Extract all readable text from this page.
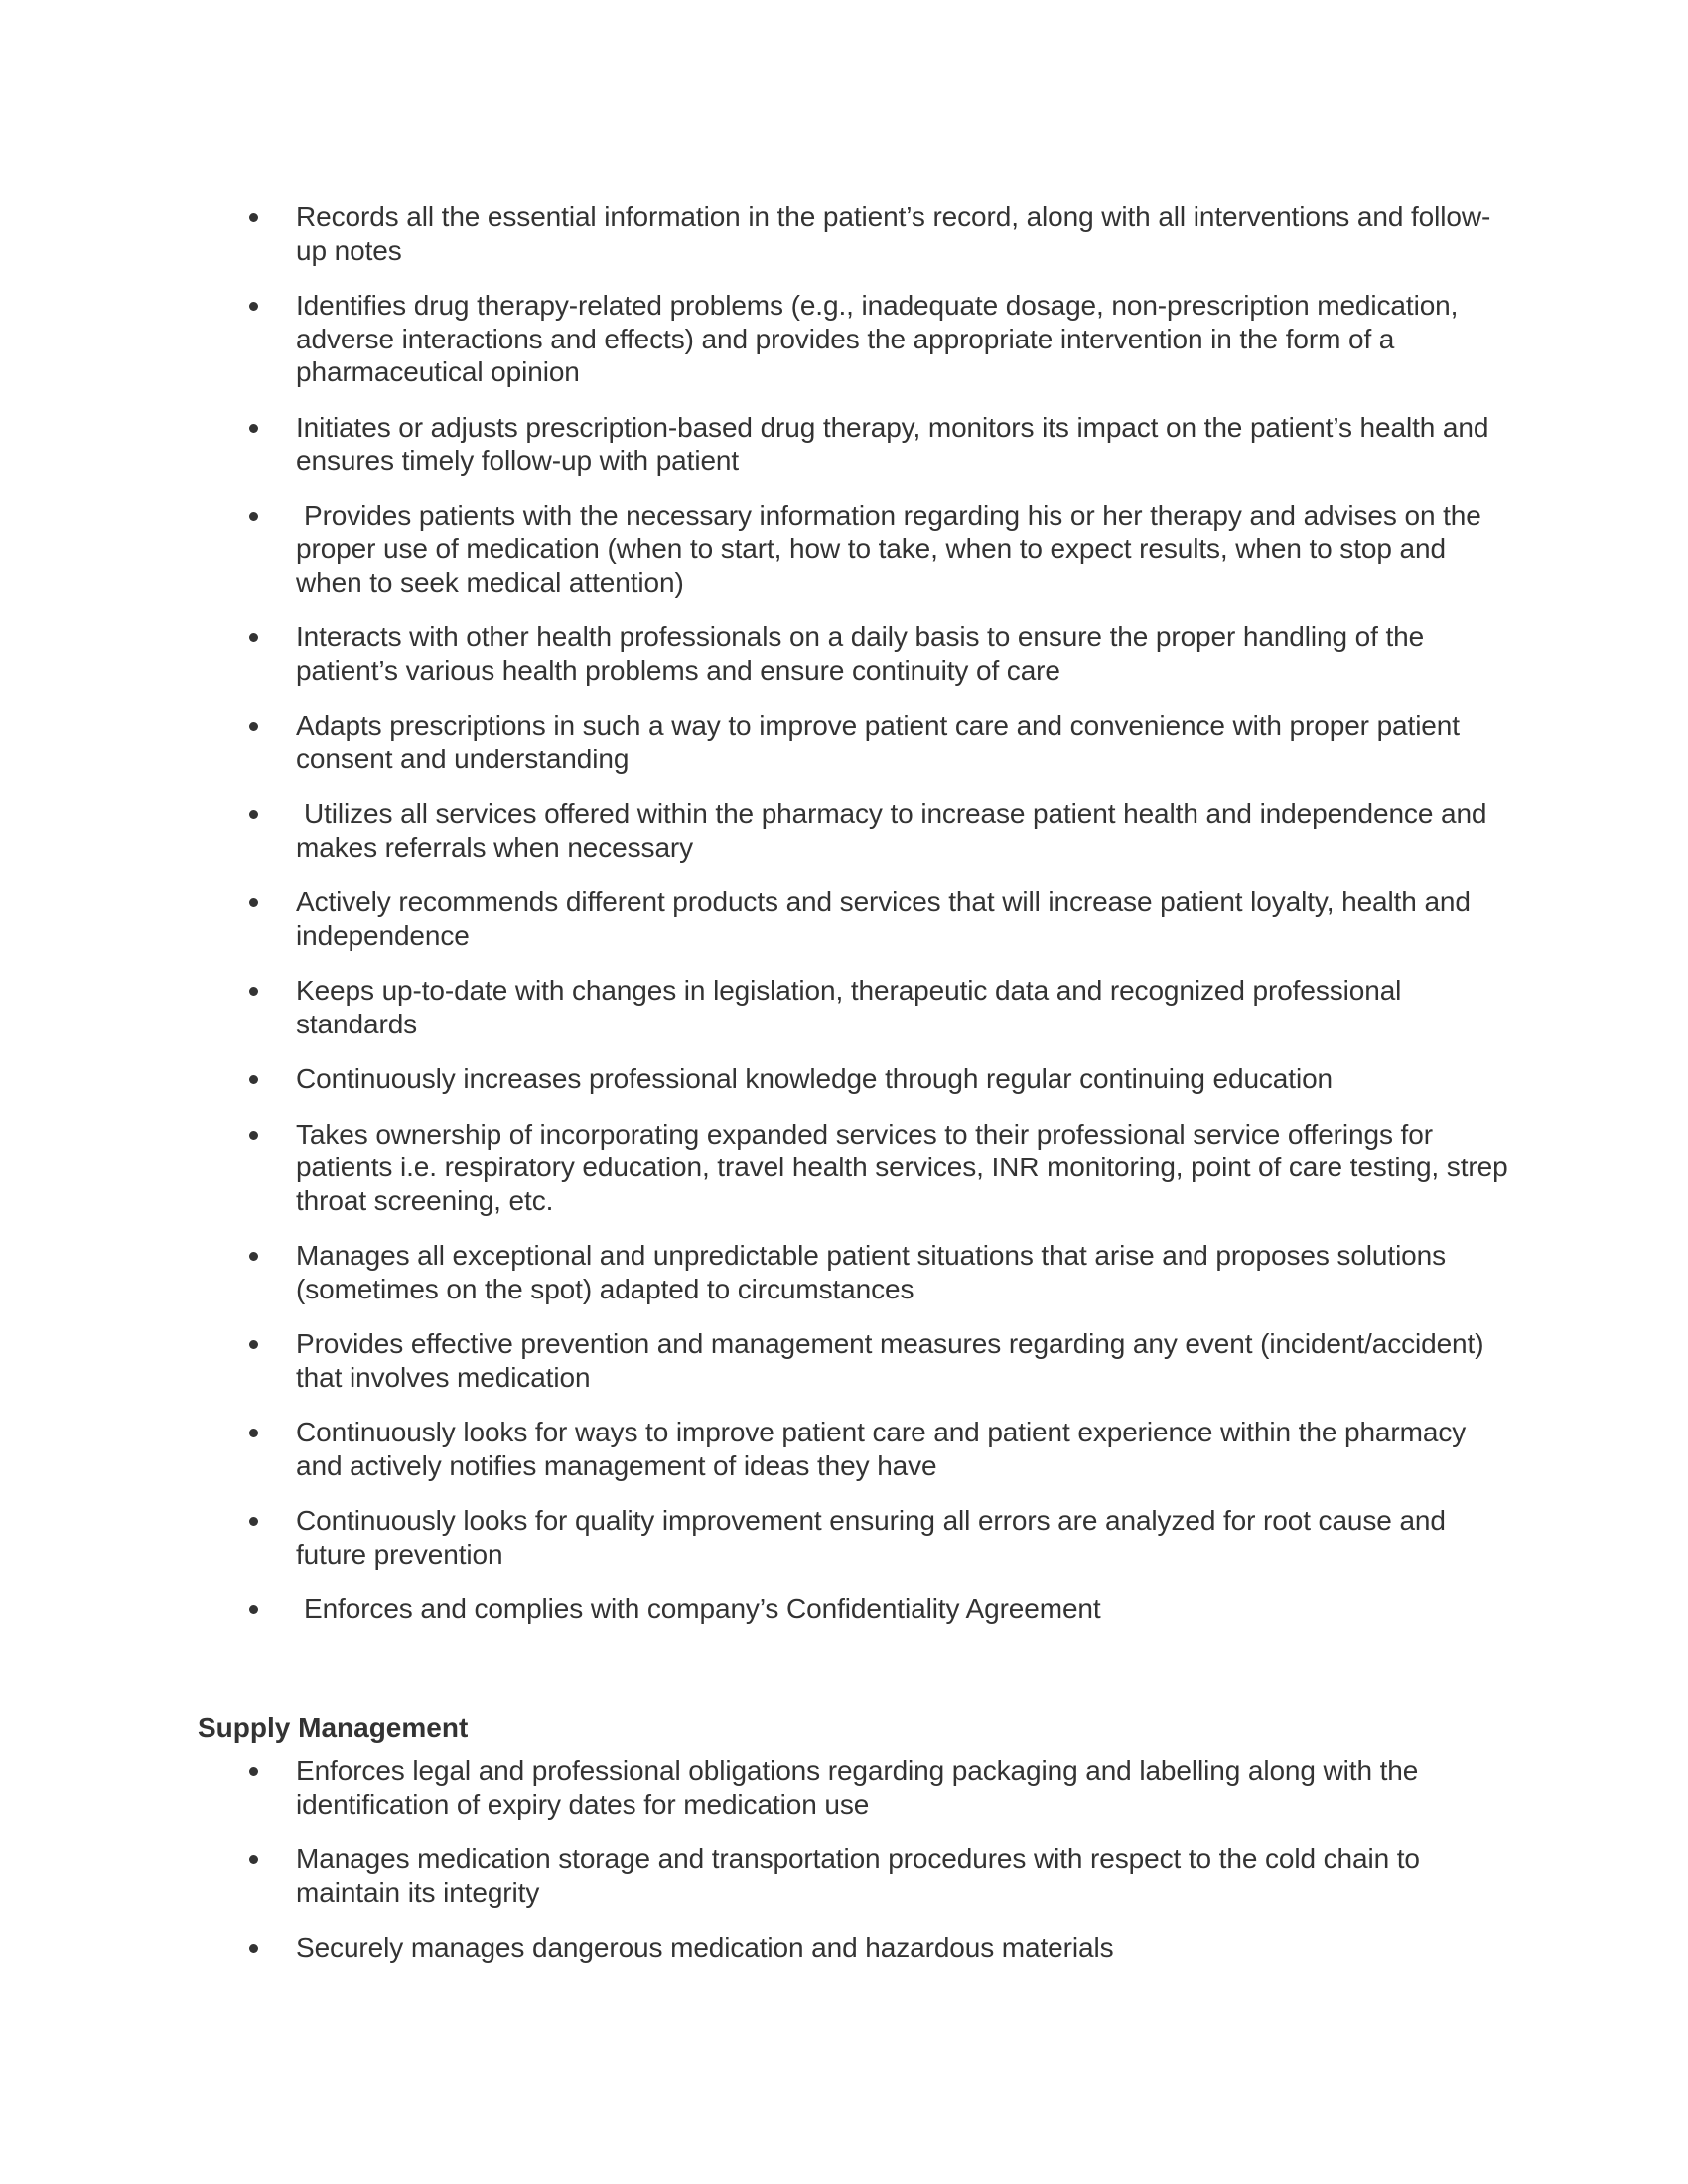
Records all the essential information in the patient’s record, along with all interventions and follow-up notes
Identifies drug therapy-related problems (e.g., inadequate dosage, non-prescription medication, adverse interactions and effects) and provides the appropriate intervention in the form of a pharmaceutical opinion
Initiates or adjusts prescription-based drug therapy, monitors its impact on the patient’s health and ensures timely follow-up with patient
Provides patients with the necessary information regarding his or her therapy and advises on the proper use of medication (when to start, how to take, when to expect results, when to stop and when to seek medical attention)
Interacts with other health professionals on a daily basis to ensure the proper handling of the patient’s various health problems and ensure continuity of care
Adapts prescriptions in such a way to improve patient care and convenience with proper patient consent and understanding
Utilizes all services offered within the pharmacy to increase patient health and independence and makes referrals when necessary
Actively recommends different products and services that will increase patient loyalty, health and independence
Keeps up-to-date with changes in legislation, therapeutic data and recognized professional standards
Continuously increases professional knowledge through regular continuing education
Takes ownership of incorporating expanded services to their professional service offerings for patients i.e. respiratory education, travel health services, INR monitoring, point of care testing, strep throat screening, etc.
Manages all exceptional and unpredictable patient situations that arise and proposes solutions (sometimes on the spot) adapted to circumstances
Provides effective prevention and management measures regarding any event (incident/accident) that involves medication
Continuously looks for ways to improve patient care and patient experience within the pharmacy and actively notifies management of ideas they have
Continuously looks for quality improvement ensuring all errors are analyzed for root cause and future prevention
Enforces and complies with company’s Confidentiality Agreement
Supply Management
Enforces legal and professional obligations regarding packaging and labelling along with the identification of expiry dates for medication use
Manages medication storage and transportation procedures with respect to the cold chain to maintain its integrity
Securely manages dangerous medication and hazardous materials
